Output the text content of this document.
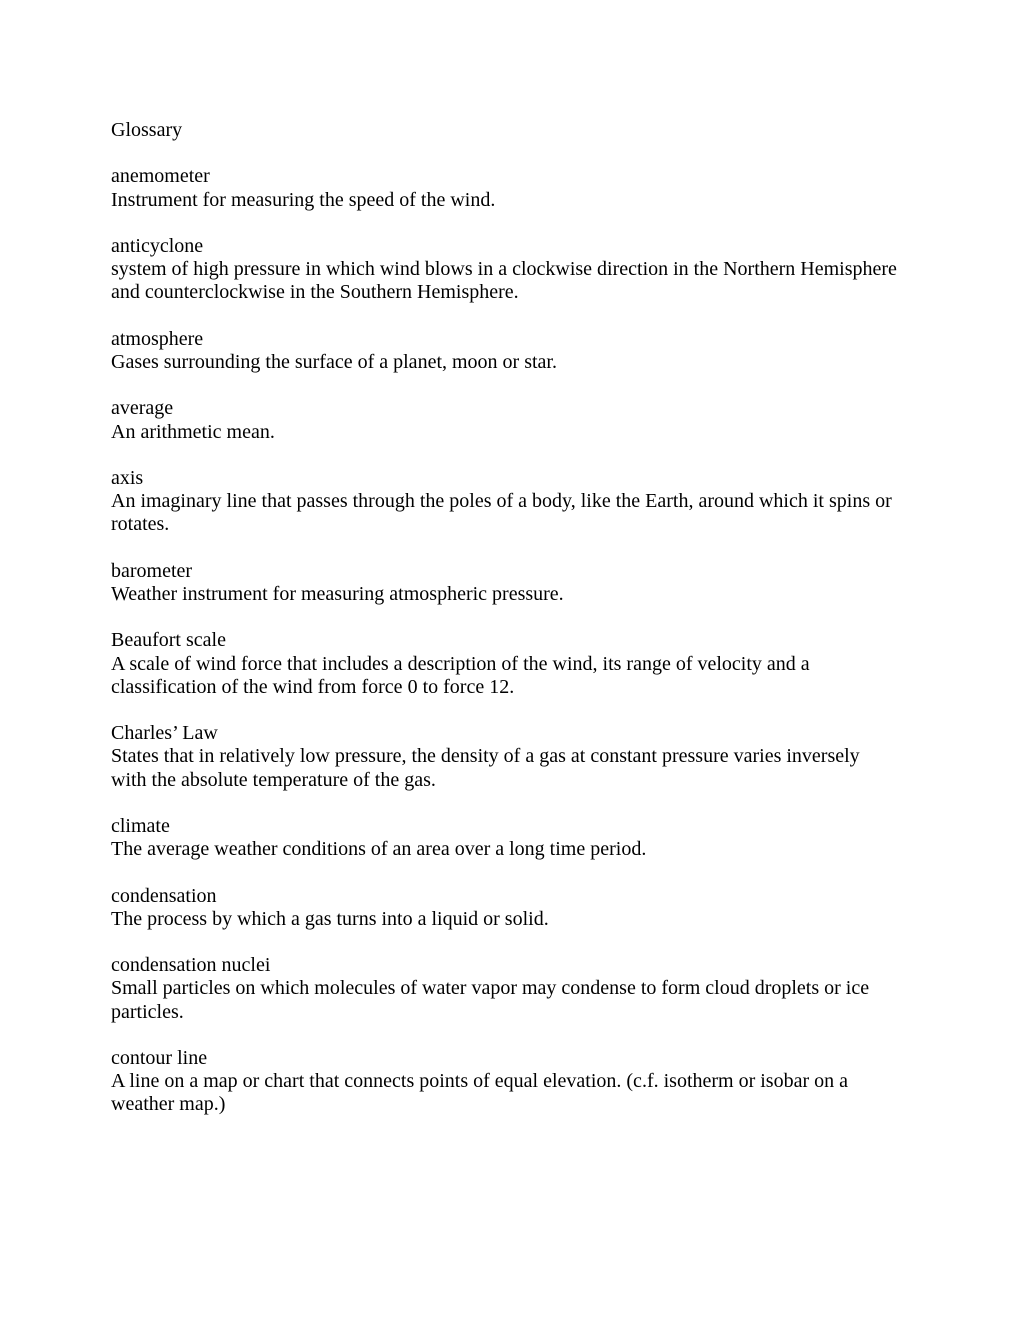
Glossary

anemometer

Instrument for measuring the speed of the wind.

anticyclone

system of high pressure in which wind blows in a clockwise direction in the Northern Hemisphere and counterclockwise in the Southern Hemisphere.

atmosphere

Gases surrounding the surface of a planet, moon or star.

average

An arithmetic mean.

axis

An imaginary line that passes through the poles of a body, like the Earth, around which it spins or rotates.

barometer

Weather instrument for measuring atmospheric pressure.

Beaufort scale

A scale of wind force that includes a description of the wind, its range of velocity and a classification of the wind from force 0 to force 12.

Charles’ Law

States that in relatively low pressure, the density of a gas at constant pressure varies inversely with the absolute temperature of the gas.

climate

The average weather conditions of an area over a long time period.

condensation

The process by which a gas turns into a liquid or solid.

condensation nuclei

Small particles on which molecules of water vapor may condense to form cloud droplets or ice particles.

contour line

A line on a map or chart that connects points of equal elevation. (c.f. isotherm or isobar on a weather map.)
